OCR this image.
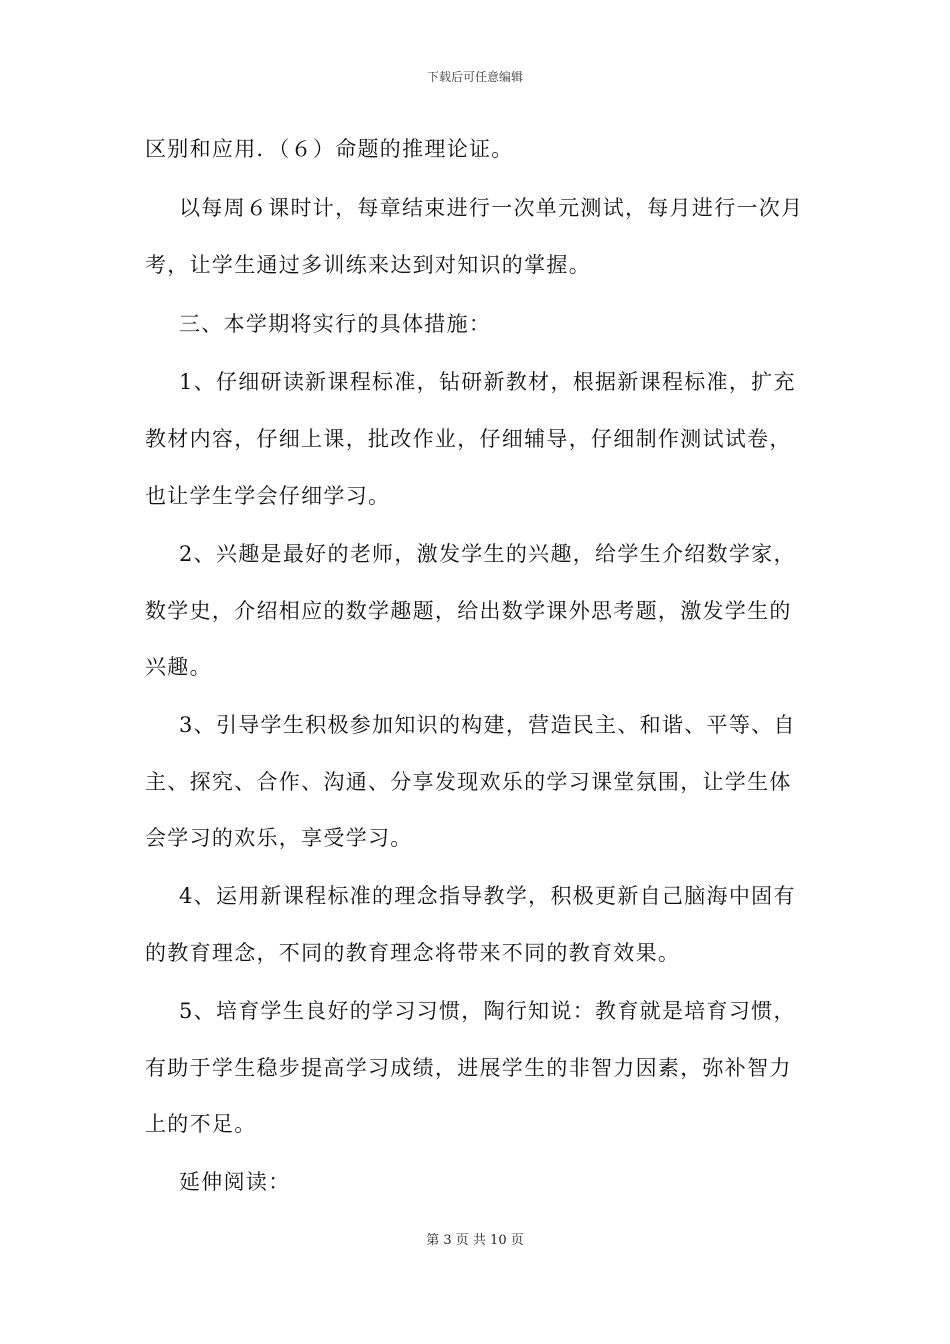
下载后可任意编辑
区别和应用．（６）命题的推理论证。
以每周６课时计，每章结束进行一次单元测试，每月进行一次月
考，让学生通过多训练来达到对知识的掌握。
三、本学期将实行的具体措施：
1、仔细研读新课程标准，钻研新教材，根据新课程标准，扩充
教材内容，仔细上课，批改作业，仔细辅导，仔细制作测试试卷，
也让学生学会仔细学习。
2、兴趣是最好的老师，激发学生的兴趣，给学生介绍数学家，
数学史，介绍相应的数学趣题，给出数学课外思考题，激发学生的
兴趣。
3、引导学生积极参加知识的构建，营造民主、和谐、平等、自
主、探究、合作、沟通、分享发现欢乐的学习课堂氛围，让学生体
会学习的欢乐，享受学习。
4、运用新课程标准的理念指导教学，积极更新自己脑海中固有
的教育理念，不同的教育理念将带来不同的教育效果。
5、培育学生良好的学习习惯，陶行知说：教育就是培育习惯，
有助于学生稳步提高学习成绩，进展学生的非智力因素，弥补智力
上的不足。
延伸阅读：
第 3 页 共 10 页
